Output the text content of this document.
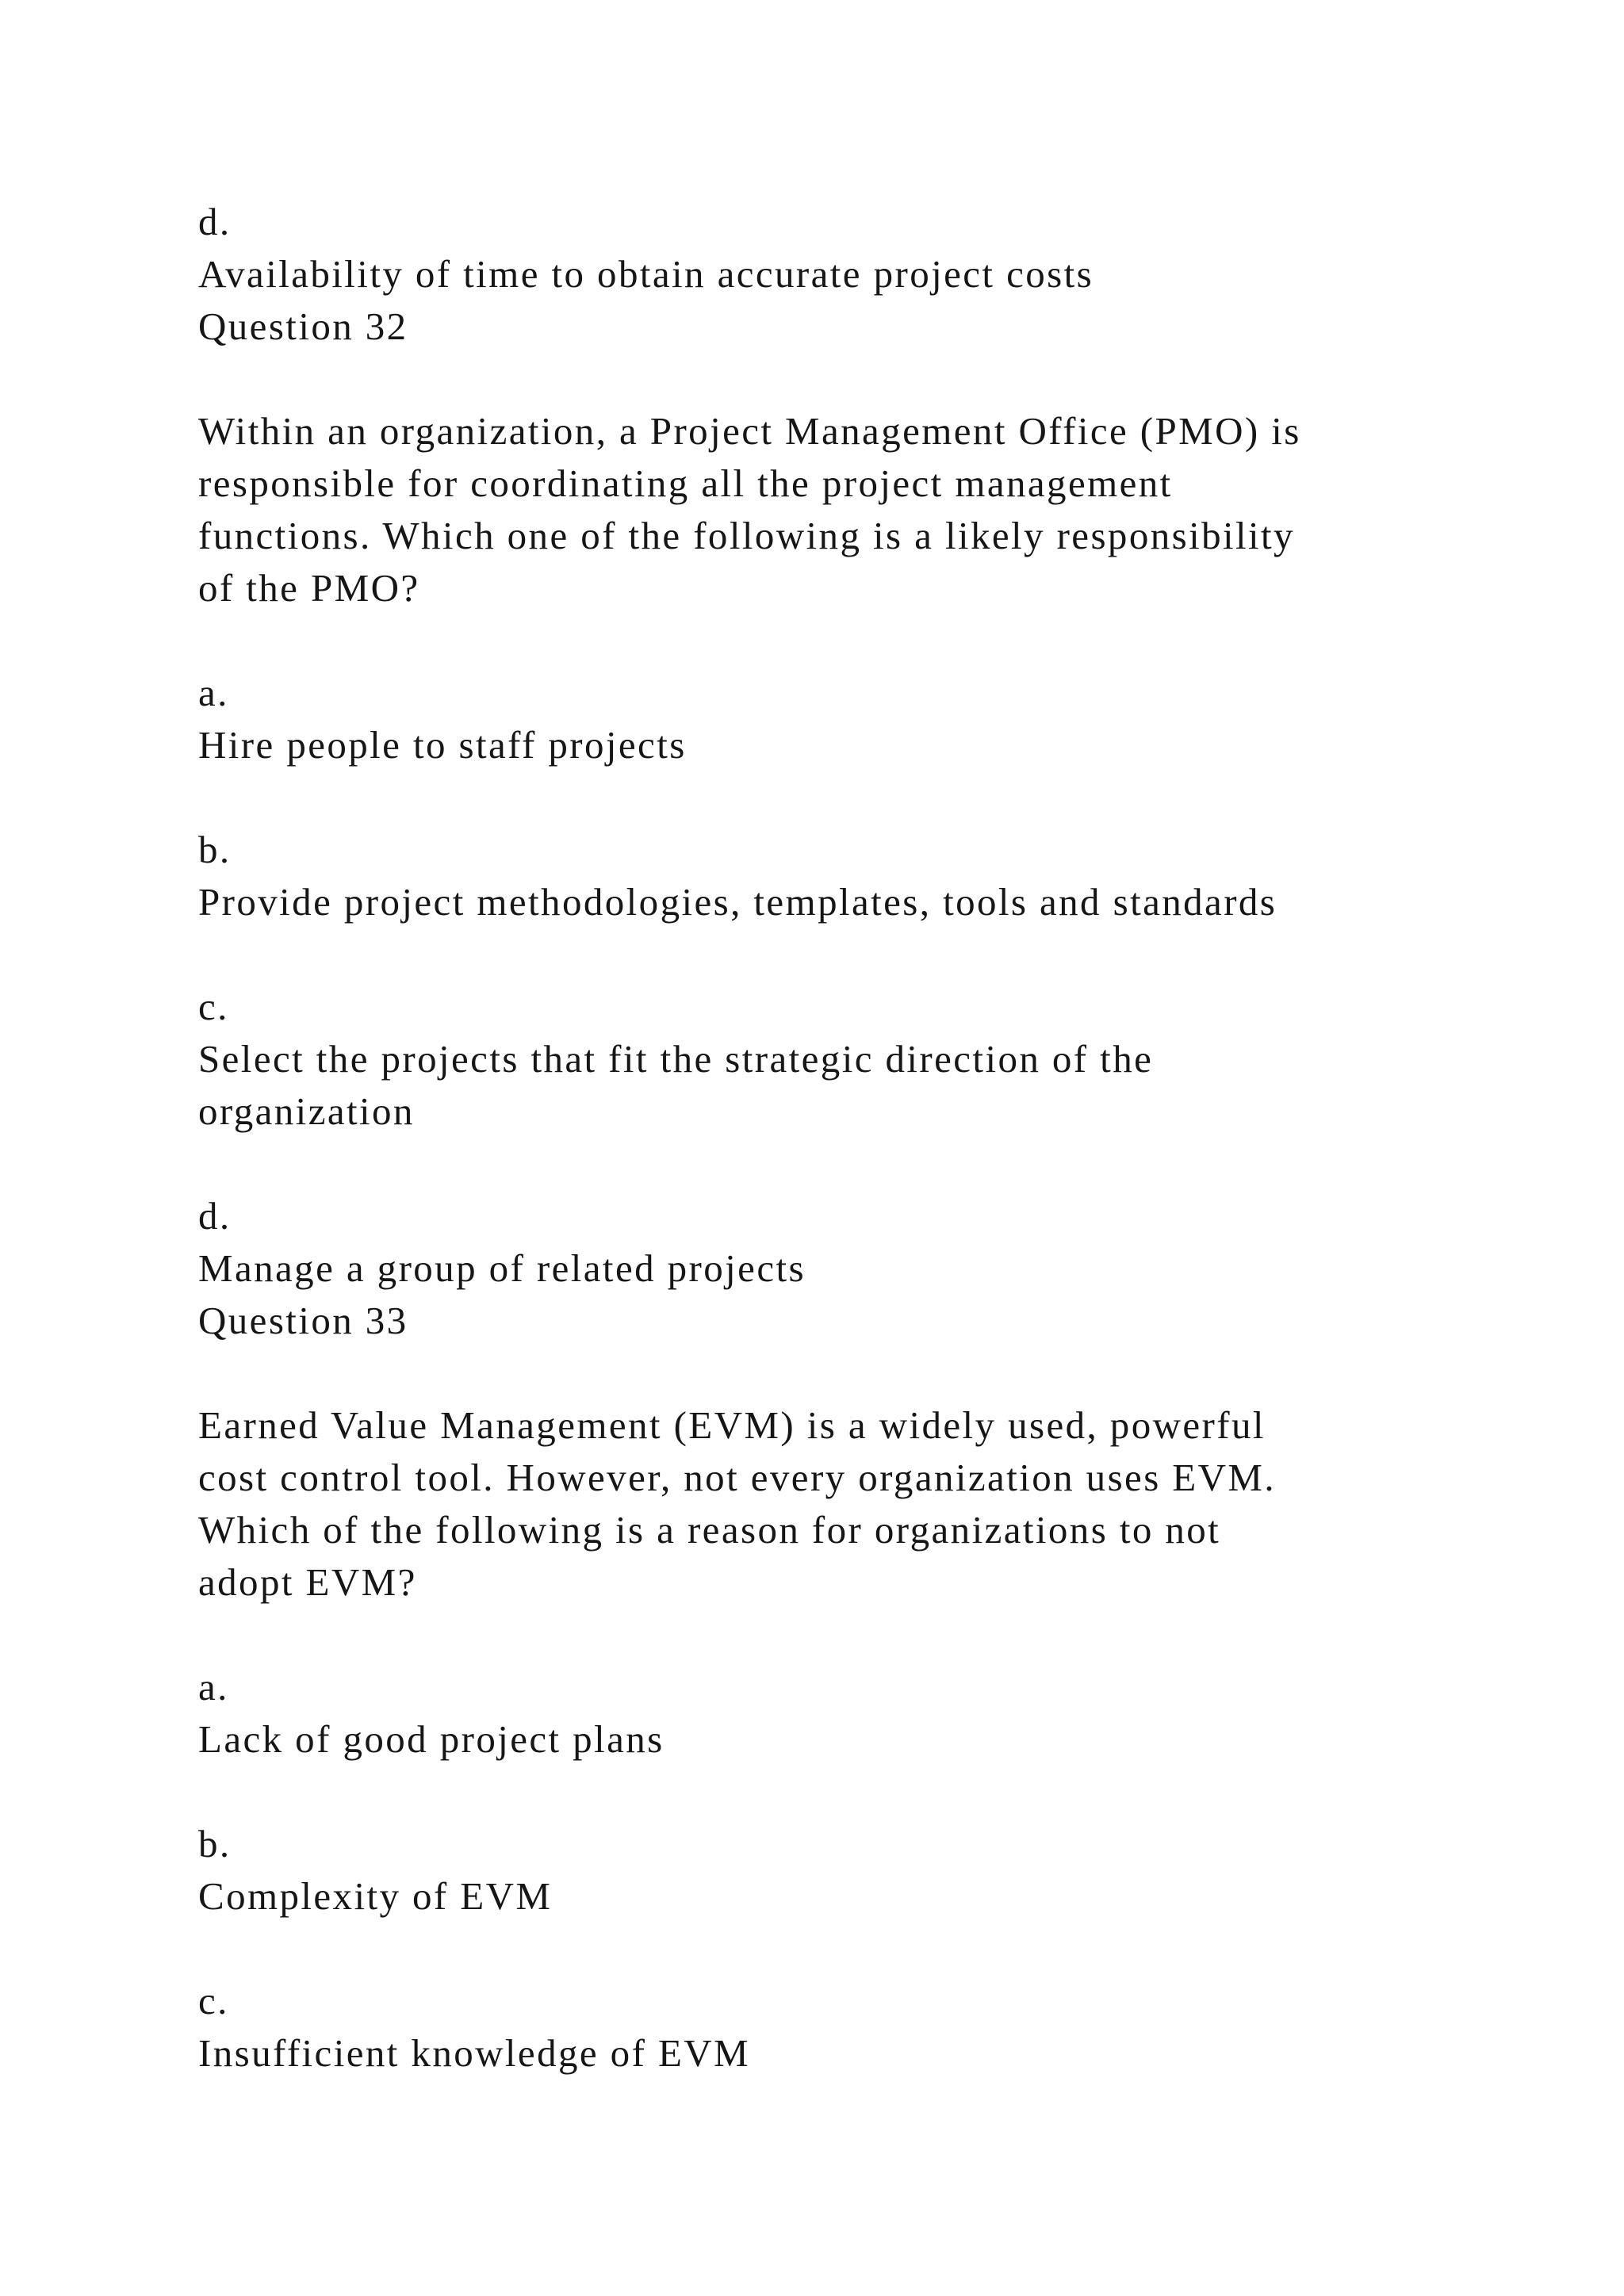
d.
Availability of time to obtain accurate project costs
Question 32
Within an organization, a Project Management Office (PMO) is
responsible for coordinating all the project management
functions. Which one of the following is a likely responsibility
of the PMO?
a.
Hire people to staff projects
b.
Provide project methodologies, templates, tools and standards
c.
Select the projects that fit the strategic direction of the
organization
d.
Manage a group of related projects
Question 33
Earned Value Management (EVM) is a widely used, powerful
cost control tool. However, not every organization uses EVM.
Which of the following is a reason for organizations to not
adopt EVM?
a.
Lack of good project plans
b.
Complexity of EVM
c.
Insufficient knowledge of EVM
